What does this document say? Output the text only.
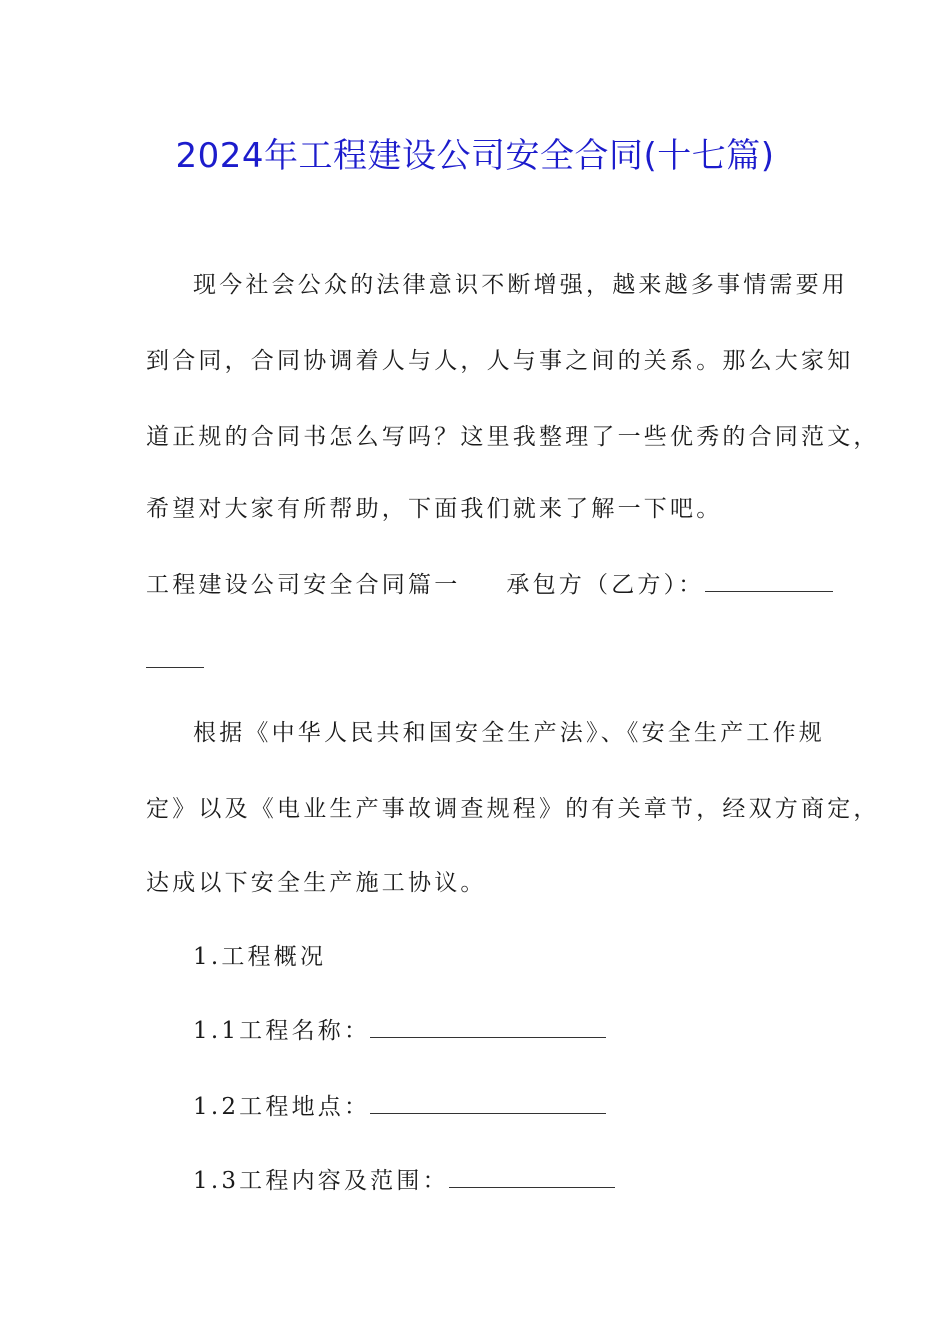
2024年工程建设公司安全合同(十七篇)
现今社会公众的法律意识不断增强，越来越多事情需要用
到合同，合同协调着人与人，人与事之间的关系。那么大家知
道正规的合同书怎么写吗？这里我整理了一些优秀的合同范文，
希望对大家有所帮助，下面我们就来了解一下吧。
工程建设公司安全合同篇一 承包方（乙方）：
根据《中华人民共和国安全生产法》、《安全生产工作规
定》以及《电业生产事故调查规程》的有关章节，经双方商定，
达成以下安全生产施工协议。
1.工程概况
1.1工程名称：
1.2工程地点：
1.3工程内容及范围：
